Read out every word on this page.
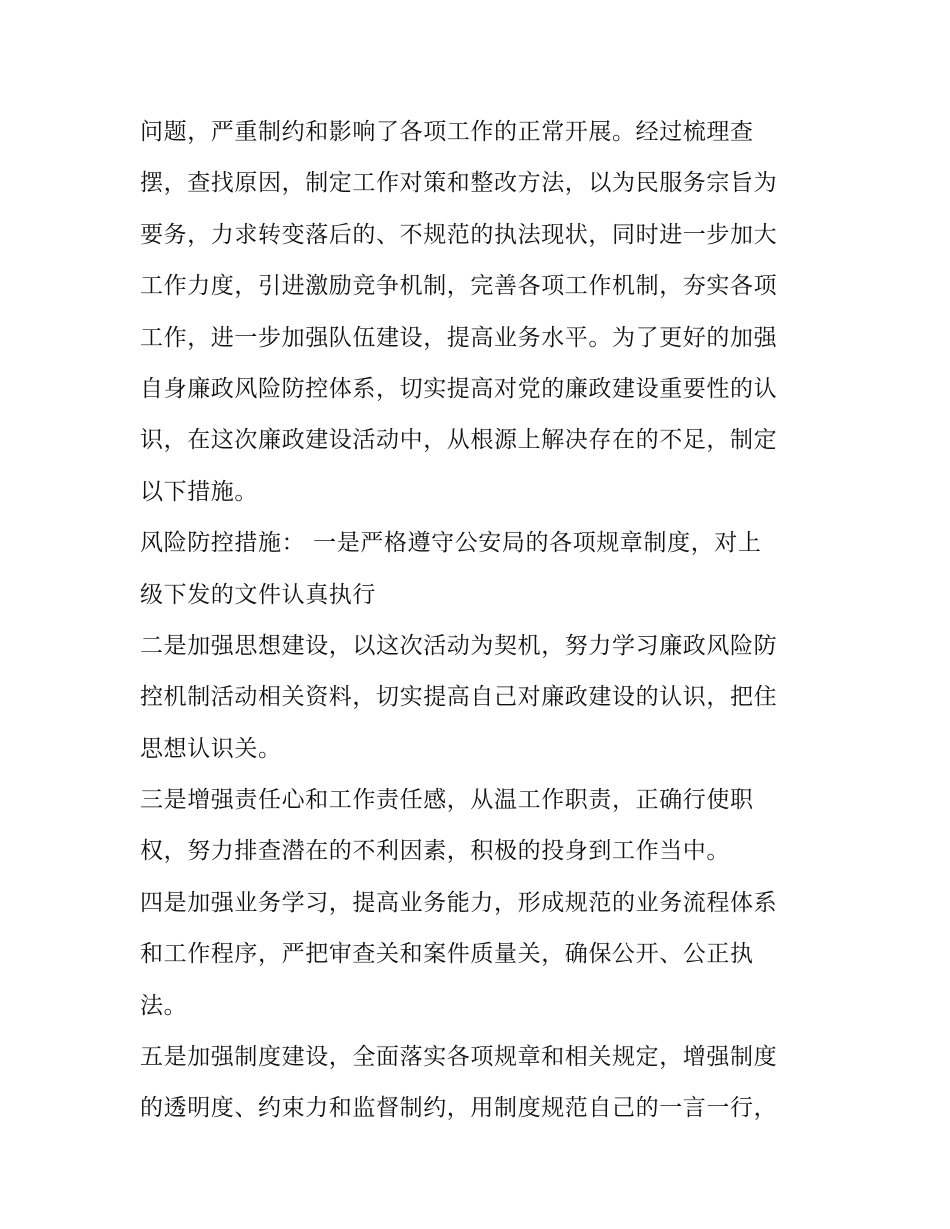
问题，严重制约和影响了各项工作的正常开展。经过梳理查
摆，查找原因，制定工作对策和整改方法，以为民服务宗旨为
要务，力求转变落后的、不规范的执法现状，同时进一步加大
工作力度，引进激励竞争机制，完善各项工作机制，夯实各项
工作，进一步加强队伍建设，提高业务水平。为了更好的加强
自身廉政风险防控体系，切实提高对党的廉政建设重要性的认
识，在这次廉政建设活动中，从根源上解决存在的不足，制定
以下措施。
风险防控措施： 一是严格遵守公安局的各项规章制度，对上
级下发的文件认真执行
二是加强思想建设，以这次活动为契机，努力学习廉政风险防
控机制活动相关资料，切实提高自己对廉政建设的认识，把住
思想认识关。
三是增强责任心和工作责任感，从温工作职责，正确行使职
权，努力排查潜在的不利因素，积极的投身到工作当中。
四是加强业务学习，提高业务能力，形成规范的业务流程体系
和工作程序，严把审查关和案件质量关，确保公开、公正执
法。
五是加强制度建设，全面落实各项规章和相关规定，增强制度
的透明度、约束力和监督制约，用制度规范自己的一言一行，
